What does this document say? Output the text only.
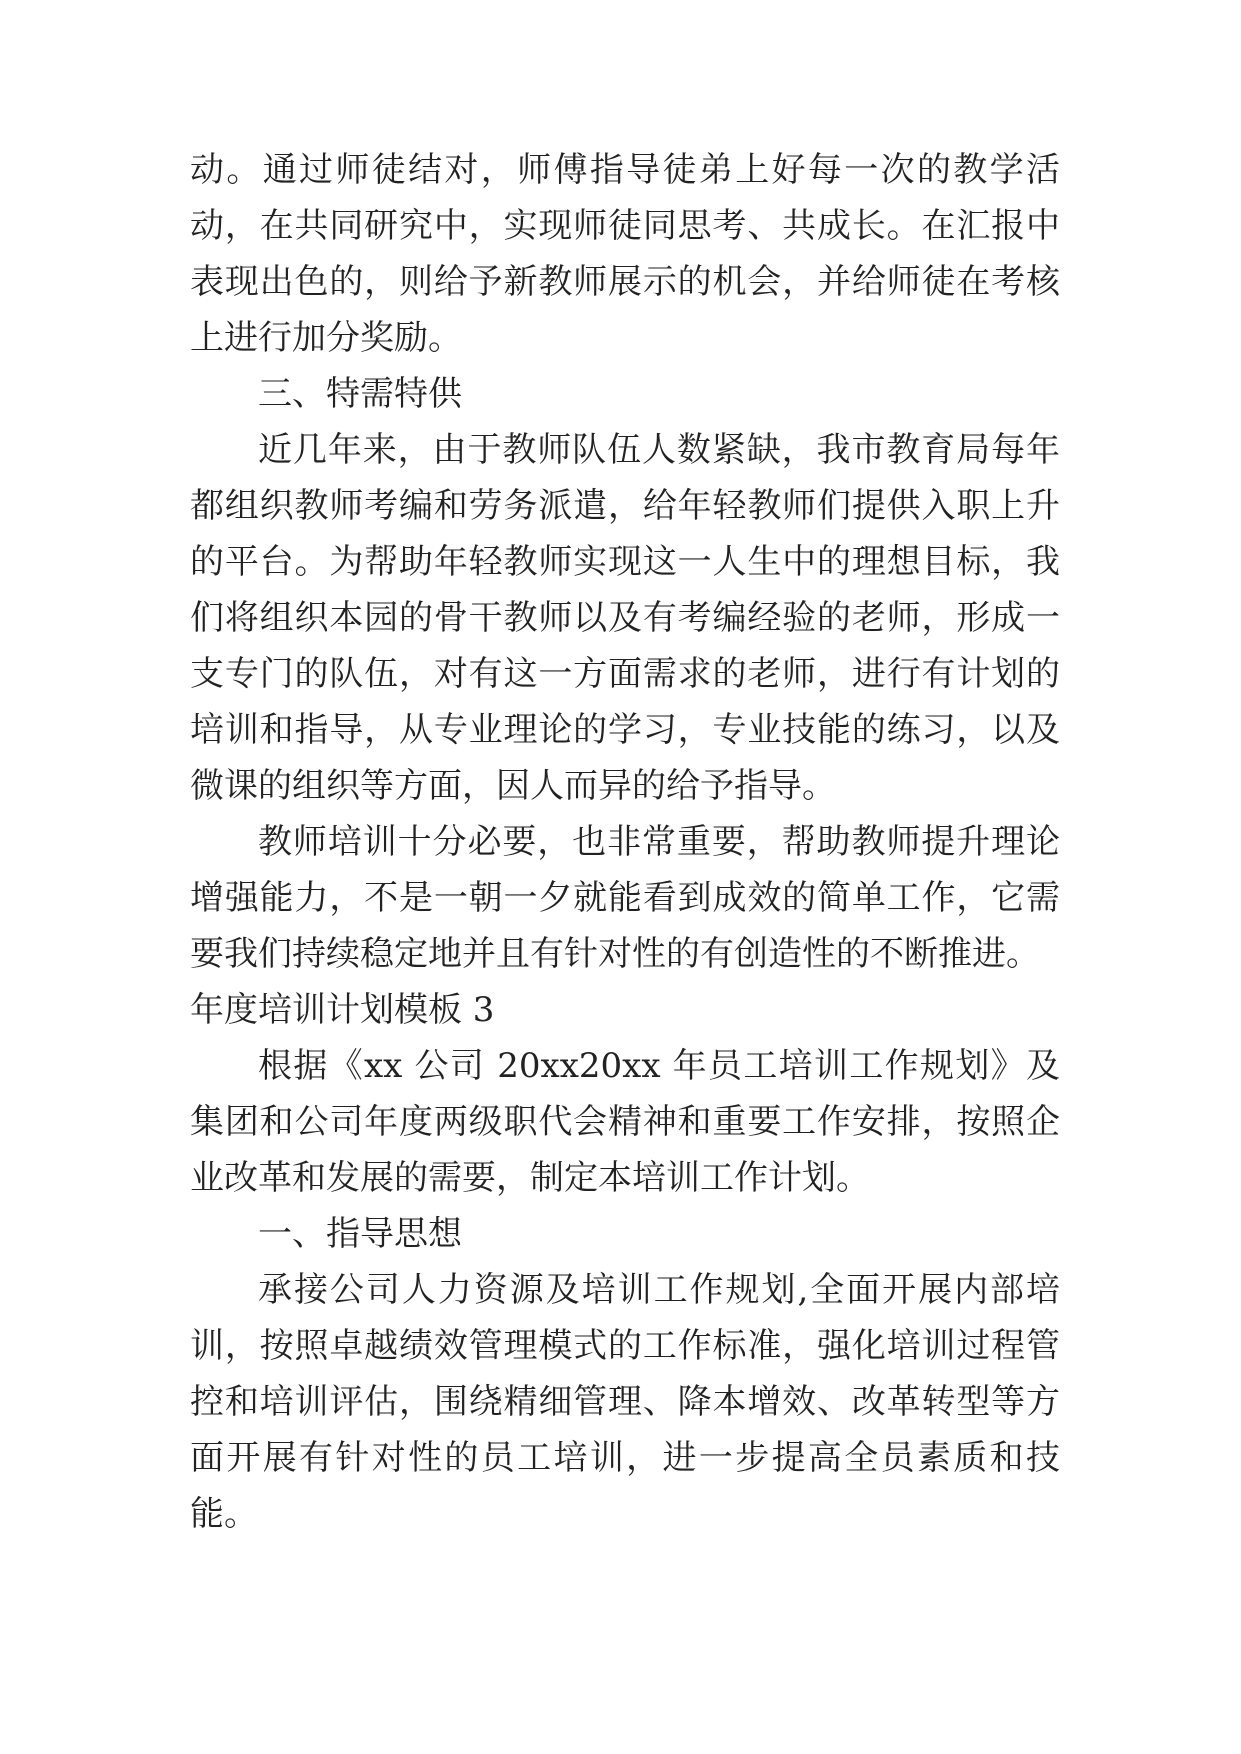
动。通过师徒结对，师傅指导徒弟上好每一次的教学活动，在共同研究中，实现师徒同思考、共成长。在汇报中表现出色的，则给予新教师展示的机会，并给师徒在考核上进行加分奖励。

三、特需特供

近几年来，由于教师队伍人数紧缺，我市教育局每年都组织教师考编和劳务派遣，给年轻教师们提供入职上升的平台。为帮助年轻教师实现这一人生中的理想目标，我们将组织本园的骨干教师以及有考编经验的老师，形成一支专门的队伍，对有这一方面需求的老师，进行有计划的培训和指导，从专业理论的学习，专业技能的练习，以及微课的组织等方面，因人而异的给予指导。

教师培训十分必要，也非常重要，帮助教师提升理论增强能力，不是一朝一夕就能看到成效的简单工作，它需要我们持续稳定地并且有针对性的有创造性的不断推进。

年度培训计划模板 3

根据《xx 公司 20xx20xx 年员工培训工作规划》及集团和公司年度两级职代会精神和重要工作安排，按照企业改革和发展的需要，制定本培训工作计划。

一、指导思想

承接公司人力资源及培训工作规划,全面开展内部培训，按照卓越绩效管理模式的工作标准，强化培训过程管控和培训评估，围绕精细管理、降本增效、改革转型等方面开展有针对性的员工培训，进一步提高全员素质和技能。
